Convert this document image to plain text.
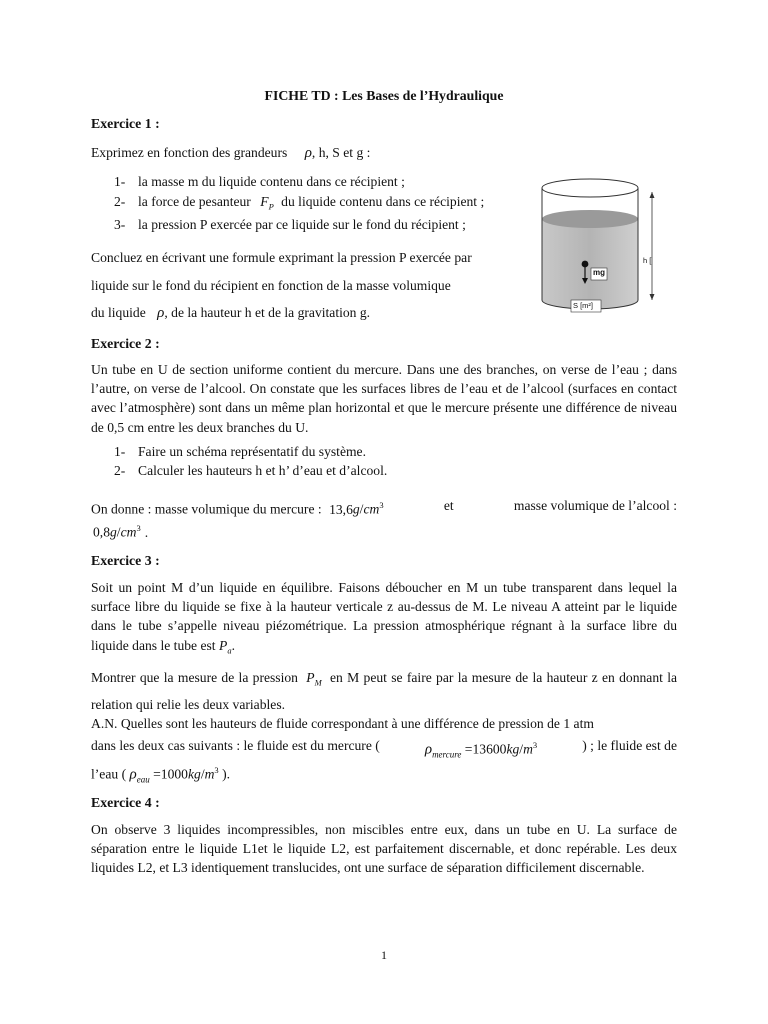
FICHE TD : Les Bases de l’Hydraulique
Exercice 1 :
Exprimez en fonction des grandeurs ρ, h, S et g :
1- la masse m du liquide contenu dans ce récipient ;
2- la force de pesanteur $F_P$ du liquide contenu dans ce récipient ;
3- la pression P exercée par ce liquide sur le fond du récipient ;
Concluez en écrivant une formule exprimant la pression P exercée par
liquide sur le fond du récipient en fonction de la masse volumique
du liquide ρ, de la hauteur h et de la gravitation g.
mg
h [
S [m²]
Exercice 2 :
Un tube en U de section uniforme contient du mercure. Dans une des branches, on verse de l’eau ; dans l’autre, on verse de l’alcool. On constate que les surfaces libres de l’eau et de l’alcool (surfaces en contact avec l’atmosphère) sont dans un même plan horizontal et que le mercure présente une différence de niveau de 0,5 cm entre les deux branches du U.
1- Faire un schéma représentatif du système.
2- Calculer les hauteurs h et h’ d’eau et d’alcool.
On donne : masse volumique du mercure : $13,6g/cm^3$	et	masse volumique de l’alcool :
$0,8g/cm^3$ .
Exercice 3 :
Soit un point M d’un liquide en équilibre. Faisons déboucher en M un tube transparent dans lequel la surface libre du liquide se fixe à la hauteur verticale z au-dessus de M. Le niveau A atteint par le liquide dans le tube s’appelle niveau piézométrique. La pression atmosphérique régnant à la surface libre du liquide dans le tube est $P_a$.
Montrer que la mesure de la pression $P_M$ en M peut se faire par la mesure de la hauteur z en donnant la relation qui relie les deux variables.
A.N. Quelles sont les hauteurs de fluide correspondant à une différence de pression de 1 atm
dans les deux cas suivants : le fluide est du mercure (	$\rho_{mercure} =13600kg/m^3$	) ; le fluide est de
l’eau ( $\rho_{eau} =1000kg/m^3$ ).
Exercice 4 :
On observe 3 liquides incompressibles, non miscibles entre eux, dans un tube en U. La surface de séparation entre le liquide L1et le liquide L2, est parfaitement discernable, et donc repérable. Les deux liquides L2, et L3 identiquement translucides, ont une surface de séparation difficilement discernable.
1
